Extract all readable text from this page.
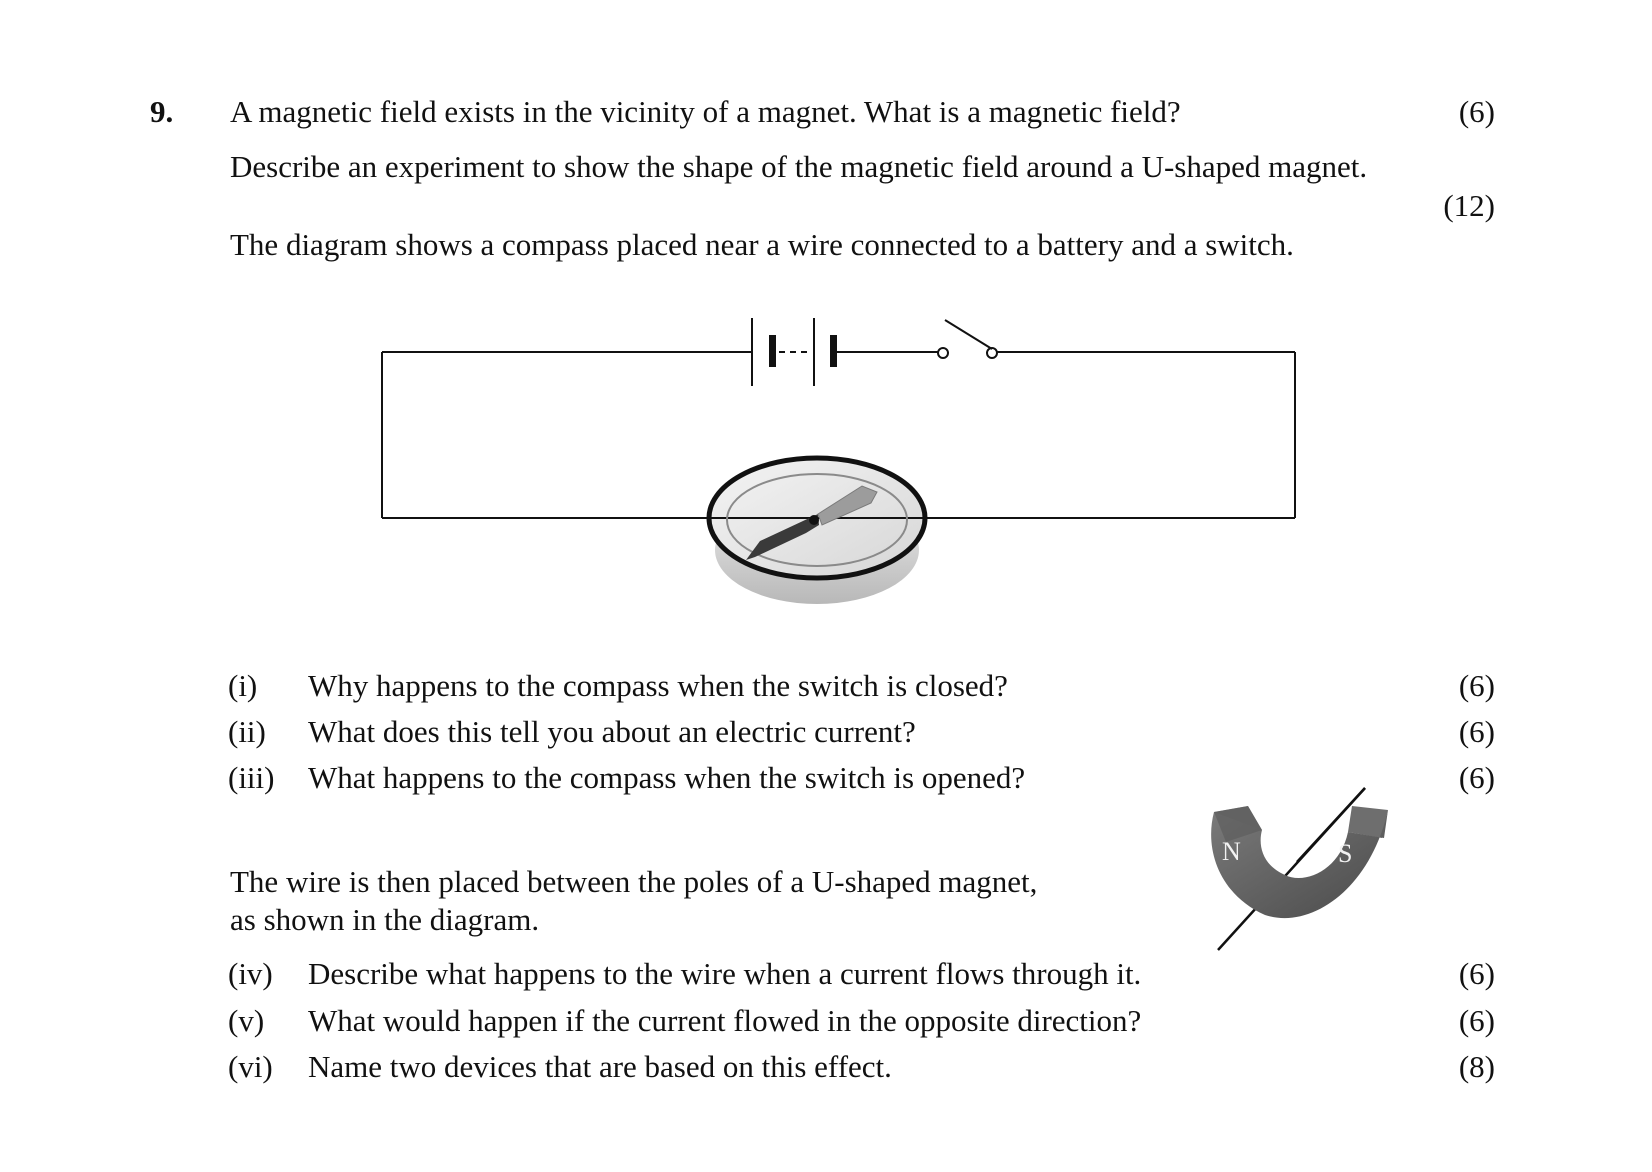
9. A magnetic field exists in the vicinity of a magnet. What is a magnetic field?	(6)
Describe an experiment to show the shape of the magnetic field around a U-shaped magnet.
(12)
The diagram shows a compass placed near a wire connected to a battery and a switch.
N	S
(i) Why happens to the compass when the switch is closed?	(6)
(ii) What does this tell you about an electric current?	(6)
(iii) What happens to the compass when the switch is opened?	(6)
The wire is then placed between the poles of a U-shaped magnet,
as shown in the diagram.
(iv) Describe what happens to the wire when a current flows through it.	(6)
(v) What would happen if the current flowed in the opposite direction?	(6)
(vi) Name two devices that are based on this effect.	(8)
